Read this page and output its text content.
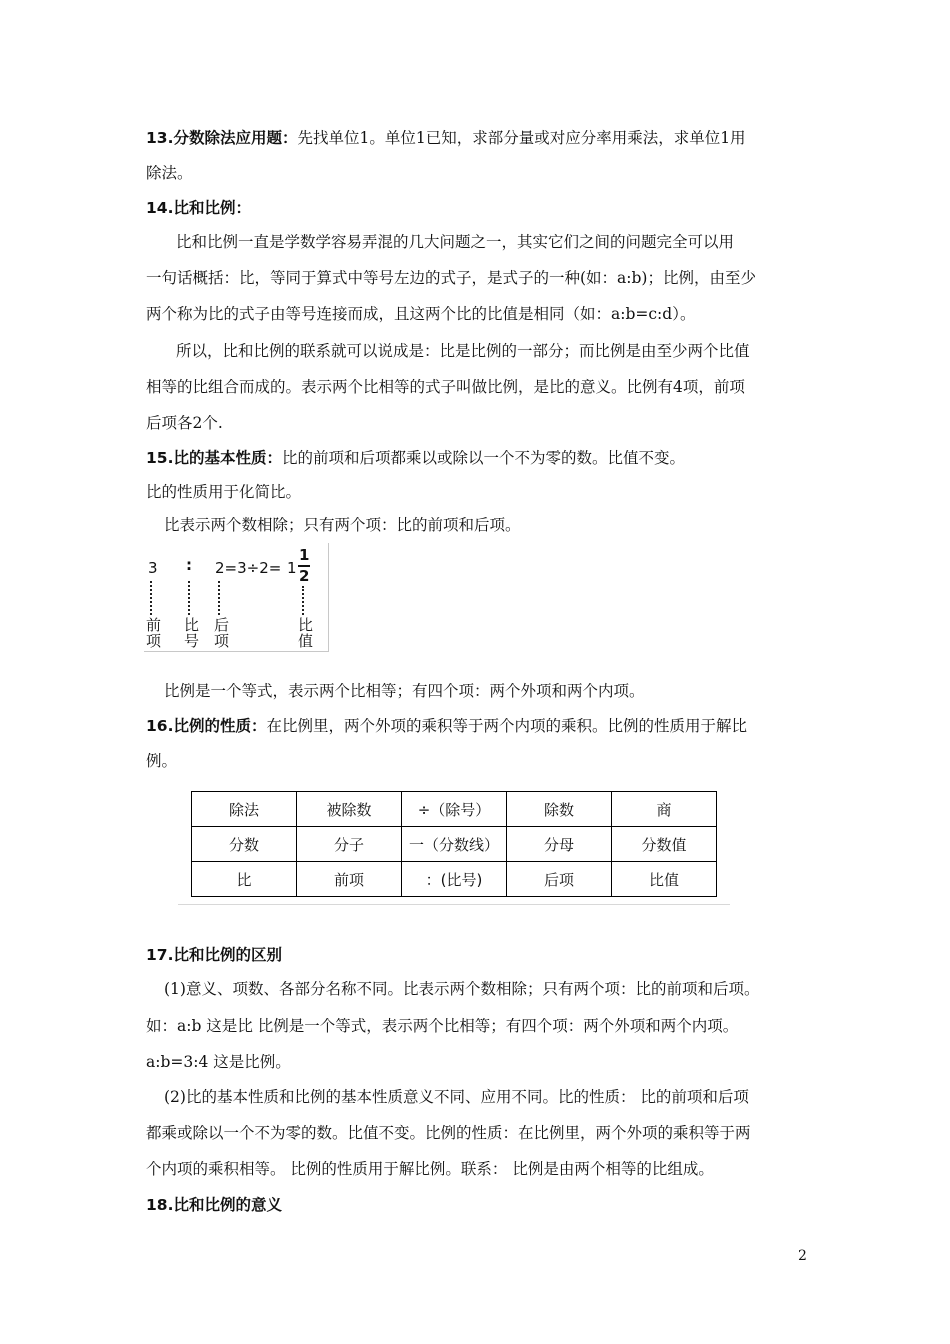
13.分数除法应用题：先找单位1。单位1已知，求部分量或对应分率用乘法，求单位1用
除法。
14.比和比例：
比和比例一直是学数学容易弄混的几大问题之一，其实它们之间的问题完全可以用
一句话概括：比，等同于算式中等号左边的式子，是式子的一种(如：a:b)；比例，由至少
两个称为比的式子由等号连接而成，且这两个比的比值是相同（如：a:b=c:d）。
所以，比和比例的联系就可以说成是：比是比例的一部分；而比例是由至少两个比值
相等的比组合而成的。表示两个比相等的式子叫做比例，是比的意义。比例有4项，前项
后项各2个.
15.比的基本性质：比的前项和后项都乘以或除以一个不为零的数。比值不变。
比的性质用于化简比。
比表示两个数相除；只有两个项：比的前项和后项。
3 : 2=3÷2= 1
1
2
前
项
比
号
后
项
比
值
比例是一个等式，表示两个比相等；有四个项：两个外项和两个内项。
16.比例的性质：在比例里，两个外项的乘积等于两个内项的乘积。比例的性质用于解比
例。
除法	被除数	÷（除号）	除数	商
分数	分子	一（分数线）	分母	分数值
比	前项	：(比号)	后项	比值
17.比和比例的区别
(1)意义、项数、各部分名称不同。比表示两个数相除；只有两个项：比的前项和后项。
如：a:b 这是比 比例是一个等式，表示两个比相等；有四个项：两个外项和两个内项。
a:b=3:4 这是比例。
(2)比的基本性质和比例的基本性质意义不同、应用不同。比的性质： 比的前项和后项
都乘或除以一个不为零的数。比值不变。比例的性质：在比例里，两个外项的乘积等于两
个内项的乘积相等。 比例的性质用于解比例。联系： 比例是由两个相等的比组成。
18.比和比例的意义
2
